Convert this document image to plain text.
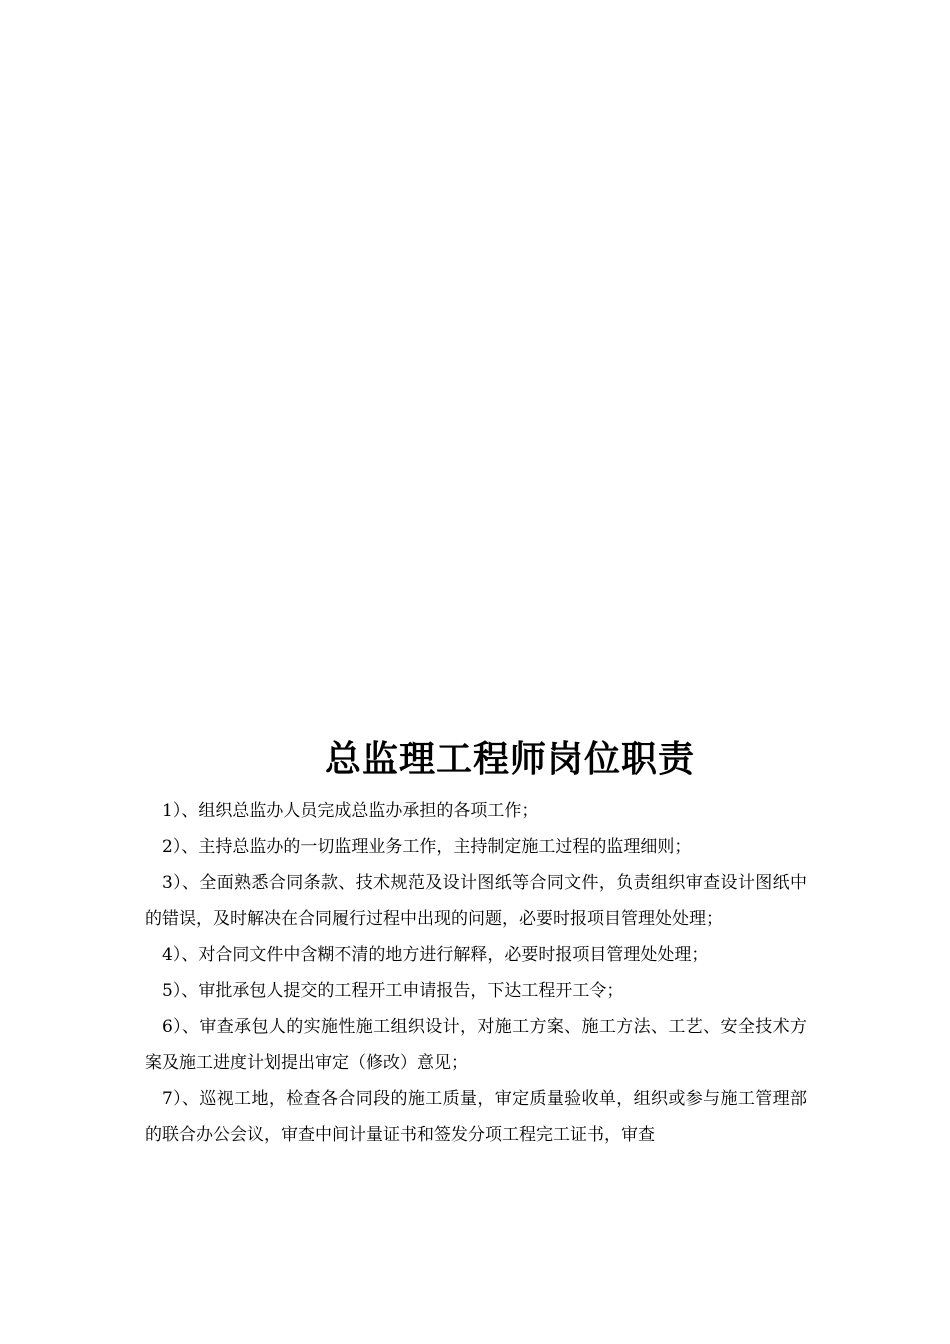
总监理工程师岗位职责

1）、组织总监办人员完成总监办承担的各项工作；

2）、主持总监办的一切监理业务工作，主持制定施工过程的监理细则；

3）、全面熟悉合同条款、技术规范及设计图纸等合同文件，负责组织审查设计图纸中的错误，及时解决在合同履行过程中出现的问题，必要时报项目管理处处理；

4）、对合同文件中含糊不清的地方进行解释，必要时报项目管理处处理；

5）、审批承包人提交的工程开工申请报告，下达工程开工令；

6）、审查承包人的实施性施工组织设计，对施工方案、施工方法、工艺、安全技术方案及施工进度计划提出审定（修改）意见；

7）、巡视工地，检查各合同段的施工质量，审定质量验收单，组织或参与施工管理部的联合办公会议，审查中间计量证书和签发分项工程完工证书，审查
